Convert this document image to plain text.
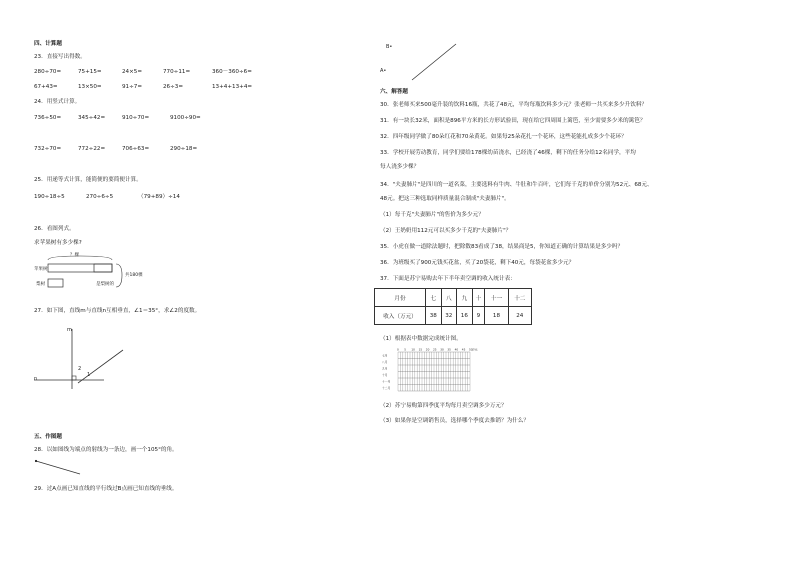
四、计算题
23．直接写出得数。
280÷70=	75+15=	24×5=	770÷11=	360－360÷6=
67+43=	13×50=	91÷7=	26÷3=	13+4+13+4=
24．用竖式计算。
736÷50=	345÷42=	910÷70=	9100÷90=
732÷70=	772÷22=	706÷63=	290÷18=
25．用递等式计算，能简便的要简便计算。
190÷18÷5	270÷6÷5	（79+89）÷14
26．看图列式。
求苹果树有多少棵?
？棵
苹果树
梨树	是梨树的
共180棵
27．如下图，直线m与直线n互相垂直，∠1＝35°，求∠2的度数。
m
n
1
2
五、作图题
28．以如图线为端点的射线为一条边，画一个105°的角。
29．过A点画已知直线的平行线过B点画已知直线的垂线。
B•
A•
六、解答题
30．张老师买来500毫升装的饮料16瓶，共花了48元，平均每瓶饮料多少元？张老师一共买来多少升饮料？
31．有一块长32米，面积是896平方米的长方形试验田，现在给它四周围上篱笆，至少需要多少米的篱笆？
32．四年级同学做了80朵红花和70朵黄花。如果每25朵花扎一个花环，这些花能扎成多少个花环？
33．学校开展劳动教育，同学们要给178棵幼苗浇水，已经浇了46棵，剩下的任务分给12名同学，平均
每人浇多少棵？
34．"夫妻肺片"是四川的一道名菜，主要选料有牛肉、牛肚和牛百叶，它们每千克的单价分别为52元、68元、
48元。把这三种选取同样质量混合制成"夫妻肺片"。
（1）每千克"夫妻肺片"的售价为多少元？
（2）王奶奶用112元可以买多少千克的"夫妻肺片"？
35．小虎在做一道除法题时，把除数83看成了38，结果商是5，你知道正确的计算结果是多少吗？
36．为班级买了900元钱买花盆，买了20袋花，剩下40元，每袋花盆多少元？
37．下面是苏宁易购去年下半年卖空调的收入统计表：
月份	七	八	九	十	十一	十二
收入（万元）	38	32	16	9	18	24
（1）根据表中数据完成统计图。
七月
八月
九月
十月
十一月
十二月
0 5 10 15 20 25 30 35 40 45 50 万元
（2）苏宁易购第四季度平均每月卖空调多少万元？
（3）如果你是空调销售员，选择哪个季度去推销？为什么？
